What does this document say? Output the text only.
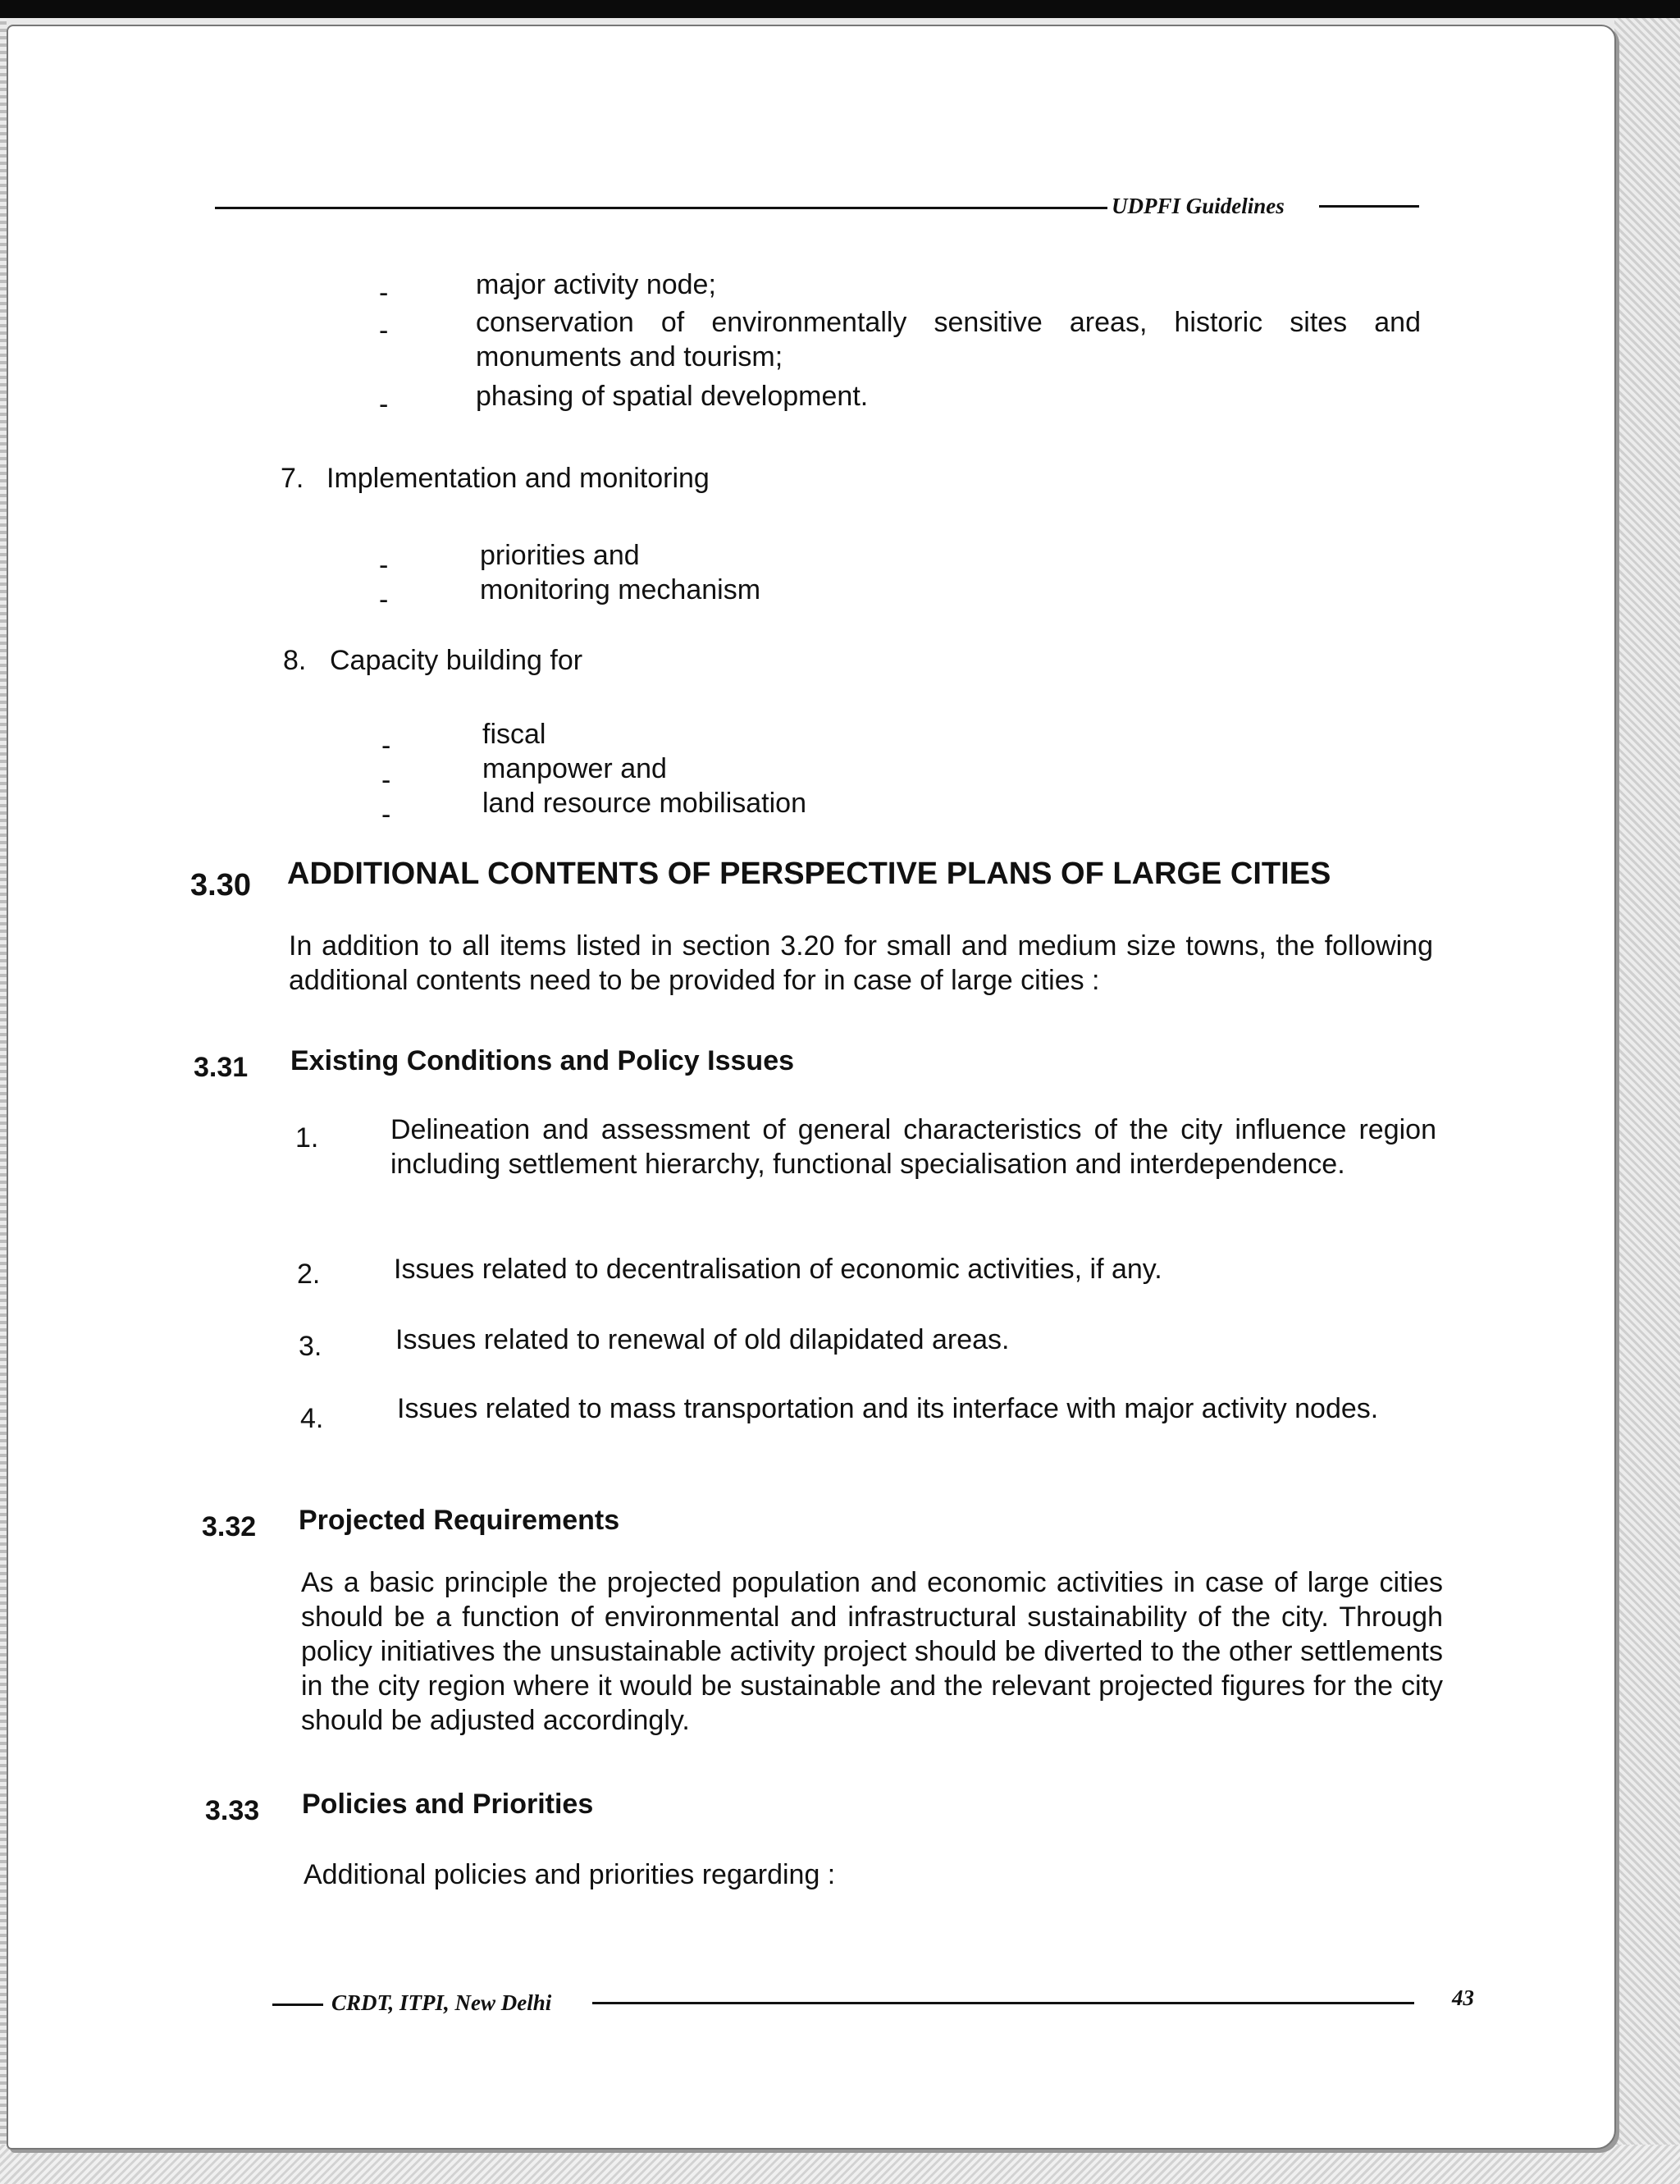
UDPFI Guidelines
-	major activity node;
-	conservation of environmentally sensitive areas, historic sites and monuments and tourism;
-	phasing of spatial development.
7. Implementation and monitoring
-	priorities and
-	monitoring mechanism
8. Capacity building for
-	fiscal
-	manpower and
-	land resource mobilisation
3.30 ADDITIONAL CONTENTS OF PERSPECTIVE PLANS OF LARGE CITIES
In addition to all items listed in section 3.20 for small and medium size towns, the following additional contents need to be provided for in case of large cities :
3.31 Existing Conditions and Policy Issues
1.	Delineation and assessment of general characteristics of the city influence region including settlement hierarchy, functional specialisation and interdependence.
2.	Issues related to decentralisation of economic activities, if any.
3.	Issues related to renewal of old dilapidated areas.
4.	Issues related to mass transportation and its interface with major activity nodes.
3.32 Projected Requirements
As a basic principle the projected population and economic activities in case of large cities should be a function of environmental and infrastructural sustainability of the city. Through policy initiatives the unsustainable activity project should be diverted to the other settlements in the city region where it would be sustainable and the relevant projected figures for the city should be adjusted accordingly.
3.33 Policies and Priorities
Additional policies and priorities regarding :
CRDT, ITPI, New Delhi	43
